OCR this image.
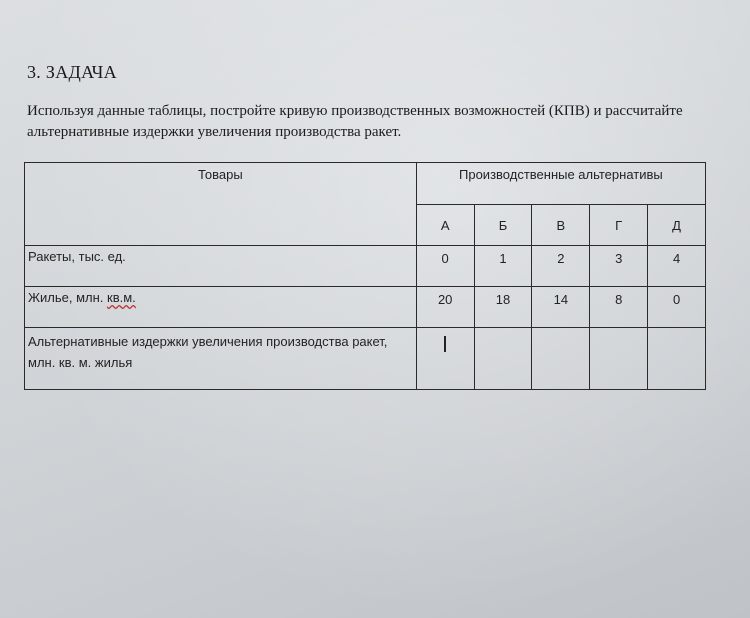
3. ЗАДАЧА
Используя данные таблицы, постройте кривую производственных возможностей (КПВ) и рассчитайте альтернативные издержки увеличения производства ракет.
Товары	Производственные альтернативы				
	А	Б	В	Г	Д
Ракеты, тыс. ед.	0	1	2	3	4
Жилье, млн. кв.м.	20	18	14	8	0
Альтернативные издержки увеличения производства ракет, млн. кв. м. жилья					
